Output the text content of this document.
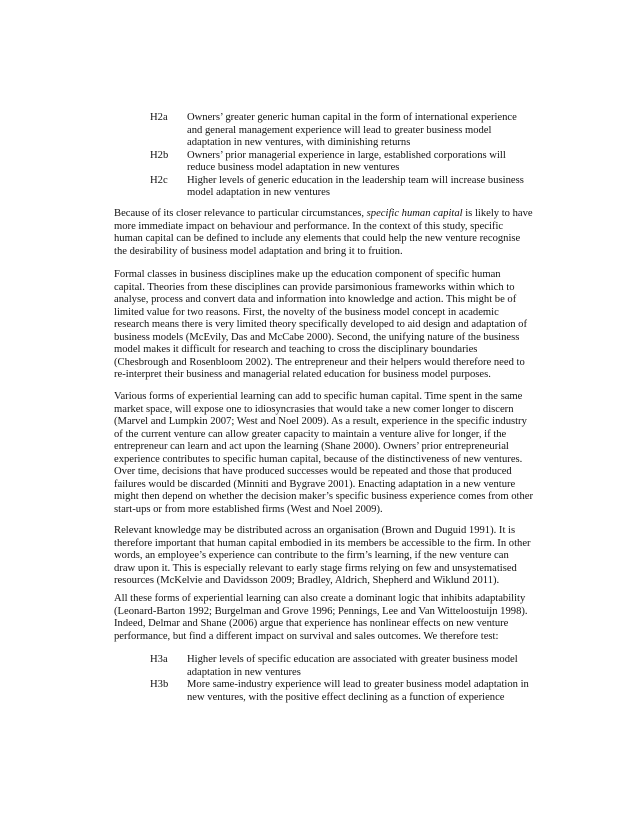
H2a Owners’ greater generic human capital in the form of international experience
and general management experience will lead to greater business model
adaptation in new ventures, with diminishing returns
H2b Owners’ prior managerial experience in large, established corporations will
reduce business model adaptation in new ventures
H2c Higher levels of generic education in the leadership team will increase business
model adaptation in new ventures

Because of its closer relevance to particular circumstances, specific human capital is likely to have
more immediate impact on behaviour and performance. In the context of this study, specific
human capital can be defined to include any elements that could help the new venture recognise
the desirability of business model adaptation and bring it to fruition.

Formal classes in business disciplines make up the education component of specific human
capital. Theories from these disciplines can provide parsimonious frameworks within which to
analyse, process and convert data and information into knowledge and action. This might be of
limited value for two reasons. First, the novelty of the business model concept in academic
research means there is very limited theory specifically developed to aid design and adaptation of
business models (McEvily, Das and McCabe 2000). Second, the unifying nature of the business
model makes it difficult for research and teaching to cross the disciplinary boundaries
(Chesbrough and Rosenbloom 2002). The entrepreneur and their helpers would therefore need to
re-interpret their business and managerial related education for business model purposes.

Various forms of experiential learning can add to specific human capital. Time spent in the same
market space, will expose one to idiosyncrasies that would take a new comer longer to discern
(Marvel and Lumpkin 2007; West and Noel 2009). As a result, experience in the specific industry
of the current venture can allow greater capacity to maintain a venture alive for longer, if the
entrepreneur can learn and act upon the learning (Shane 2000). Owners’ prior entrepreneurial
experience contributes to specific human capital, because of the distinctiveness of new ventures.
Over time, decisions that have produced successes would be repeated and those that produced
failures would be discarded (Minniti and Bygrave 2001). Enacting adaptation in a new venture
might then depend on whether the decision maker’s specific business experience comes from other
start-ups or from more established firms (West and Noel 2009).

Relevant knowledge may be distributed across an organisation (Brown and Duguid 1991). It is
therefore important that human capital embodied in its members be accessible to the firm. In other
words, an employee’s experience can contribute to the firm’s learning, if the new venture can
draw upon it. This is especially relevant to early stage firms relying on few and unsystematised
resources (McKelvie and Davidsson 2009; Bradley, Aldrich, Shepherd and Wiklund 2011).

All these forms of experiential learning can also create a dominant logic that inhibits adaptability
(Leonard-Barton 1992; Burgelman and Grove 1996; Pennings, Lee and Van Witteloostuijn 1998).
Indeed, Delmar and Shane (2006) argue that experience has nonlinear effects on new venture
performance, but find a different impact on survival and sales outcomes. We therefore test:

H3a Higher levels of specific education are associated with greater business model
adaptation in new ventures
H3b More same-industry experience will lead to greater business model adaptation in
new ventures, with the positive effect declining as a function of experience
